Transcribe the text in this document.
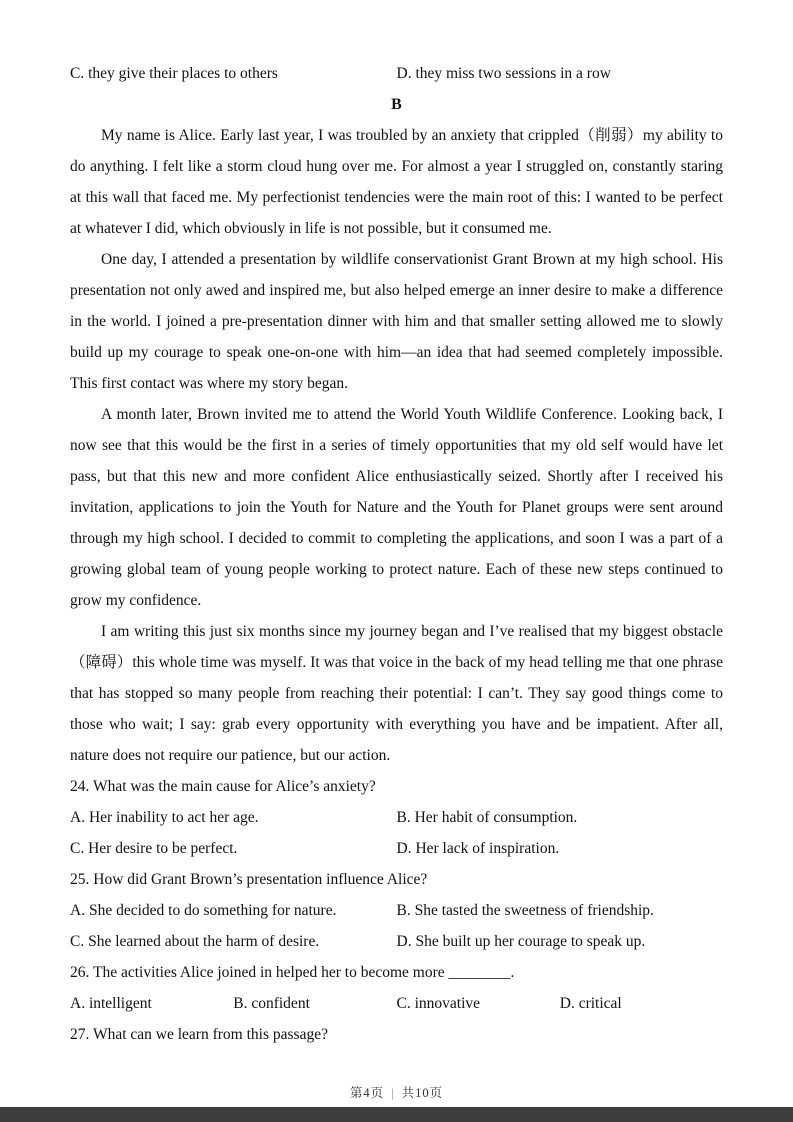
C. they give their places to others	D. they miss two sessions in a row
B

My name is Alice. Early last year, I was troubled by an anxiety that crippled（削弱）my ability to do anything. I felt like a storm cloud hung over me. For almost a year I struggled on, constantly staring at this wall that faced me. My perfectionist tendencies were the main root of this: I wanted to be perfect at whatever I did, which obviously in life is not possible, but it consumed me.

One day, I attended a presentation by wildlife conservationist Grant Brown at my high school. His presentation not only awed and inspired me, but also helped emerge an inner desire to make a difference in the world. I joined a pre-presentation dinner with him and that smaller setting allowed me to slowly build up my courage to speak one-on-one with him—an idea that had seemed completely impossible. This first contact was where my story began.

A month later, Brown invited me to attend the World Youth Wildlife Conference. Looking back, I now see that this would be the first in a series of timely opportunities that my old self would have let pass, but that this new and more confident Alice enthusiastically seized. Shortly after I received his invitation, applications to join the Youth for Nature and the Youth for Planet groups were sent around through my high school. I decided to commit to completing the applications, and soon I was a part of a growing global team of young people working to protect nature. Each of these new steps continued to grow my confidence.

I am writing this just six months since my journey began and I’ve realised that my biggest obstacle（障碍）this whole time was myself. It was that voice in the back of my head telling me that one phrase that has stopped so many people from reaching their potential: I can’t. They say good things come to those who wait; I say: grab every opportunity with everything you have and be impatient. After all, nature does not require our patience, but our action.

24. What was the main cause for Alice’s anxiety?

A. Her inability to act her age.	B. Her habit of consumption.
C. Her desire to be perfect.	D. Her lack of inspiration.

25. How did Grant Brown’s presentation influence Alice?

A. She decided to do something for nature.	B. She tasted the sweetness of friendship.
C. She learned about the harm of desire.	D. She built up her courage to speak up.

26. The activities Alice joined in helped her to become more ________.

A. intelligent	B. confident	C. innovative	D. critical

27. What can we learn from this passage?

第4页 | 共10页
